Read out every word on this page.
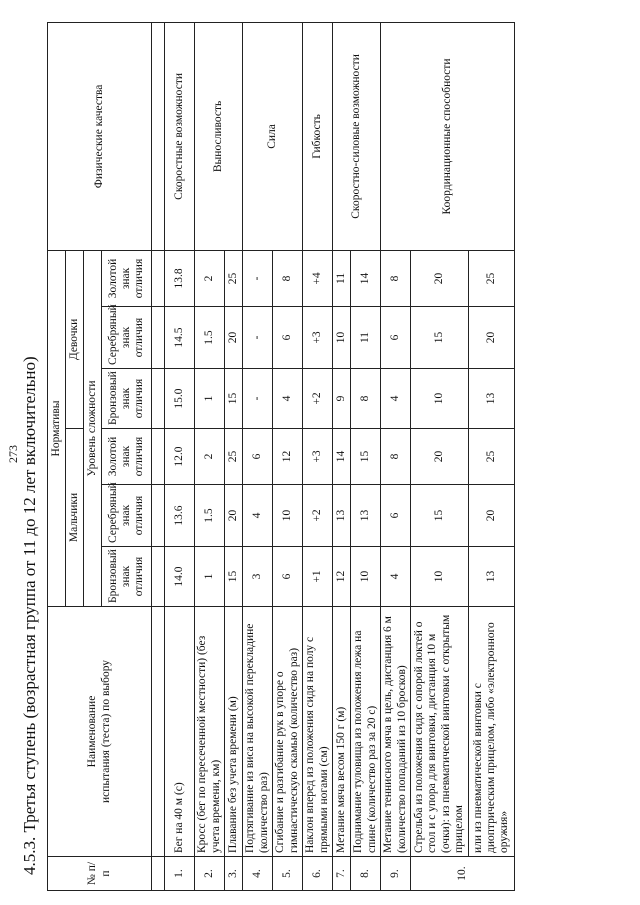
273 4.5.3. Третья ступень (возрастная группа от 11 до 12 лет включительно)	№ п/п	Наименование
испытания (теста) по выбору	Нормативы						Физические качества
		Мальчики			Девочки			
		Уровень сложности						
		Бронзовый знак отличия	Серебряный знак отличия	Золотой знак отличия	Бронзовый знак отличия	Серебряный знак отличия	Золотой знак отличия	

1.	Бег на 40 м (с)	14.0	13.6	12.0	15.0	14.5	13.8	Скоростные возможности
2.	Кросс (бег по пересеченной местности) (без учета времени, км)	1	1.5	2	1	1.5	2	Выносливость
3.	Плавание без учета времени (м)	15	20	25	15	20	25	
4.	Подтягивание из виса на высокой перекладине (количество раз)	3	4	6	-	-	-	Сила
5.	Сгибание и разгибание рук в упоре о гимнастическую скамью (количество раз)	6	10	12	4	6	8	
6.	Наклон вперед из положения сидя на полу с прямыми ногами (см)	+1	+2	+3	+2	+3	+4	Гибкость
7.	Метание мяча весом 150 г (м)	12	13	14	9	10	11	Скоростно-силовые возможности
8.	Поднимание туловища из положения лежа на спине (количество раз за 20 с)	10	13	15	8	11	14	
9.	Метание теннисного мяча в цель, дистанция 6 м (количество попаданий из 10 бросков)	4	6	8	4	6	8	Координационные способности
10.	Стрельба из положения сидя с опорой локтей о стол и с упора для винтовки, дистанция 10 м (очки): из пневматической винтовки с открытым прицелом	10	15	20	10	15	20	
	или из пневматической винтовки с диоптрическим прицелом, либо «электронного оружия»	13	20	25	13	20	25	
